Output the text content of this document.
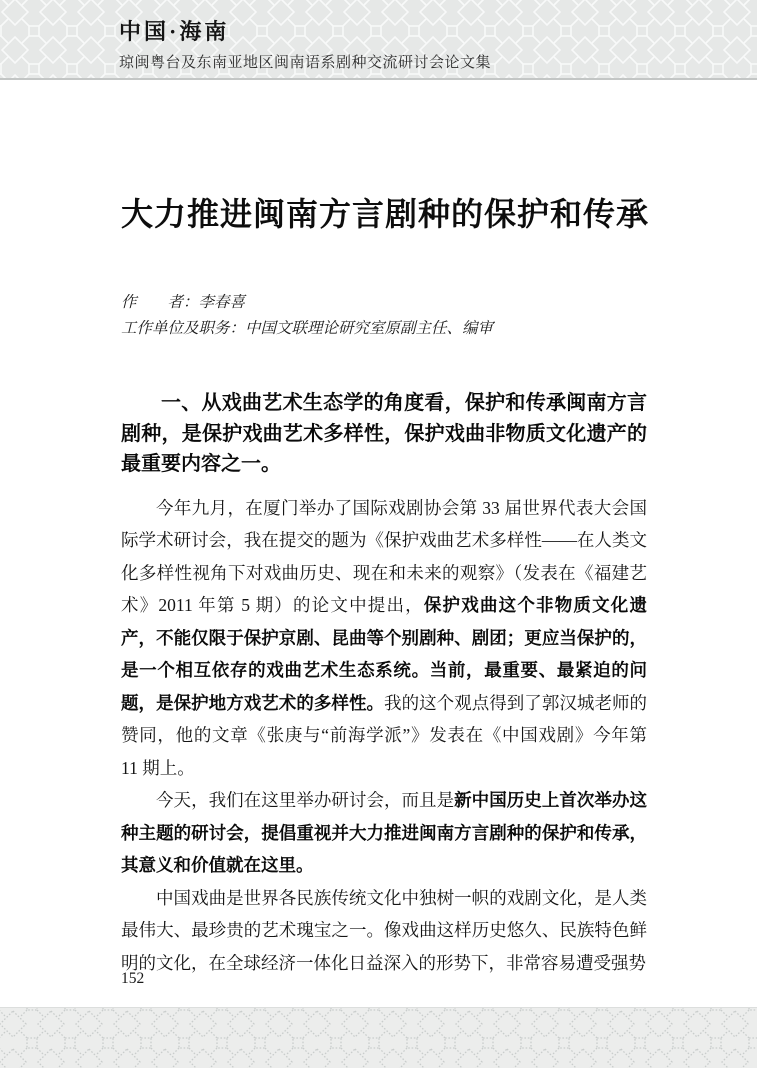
中国·海南
琼闽粤台及东南亚地区闽南语系剧种交流研讨会论文集
大力推进闽南方言剧种的保护和传承

作　　者：李春喜

工作单位及职务：中国文联理论研究室原副主任、编审

一、从戏曲艺术生态学的角度看，保护和传承闽南方言剧种，是保护戏曲艺术多样性，保护戏曲非物质文化遗产的最重要内容之一。

今年九月，在厦门举办了国际戏剧协会第 33 届世界代表大会国际学术研讨会，我在提交的题为《保护戏曲艺术多样性——在人类文化多样性视角下对戏曲历史、现在和未来的观察》（发表在《福建艺术》2011 年第 5 期）的论文中提出，保护戏曲这个非物质文化遗产，不能仅限于保护京剧、昆曲等个别剧种、剧团；更应当保护的，是一个相互依存的戏曲艺术生态系统。当前，最重要、最紧迫的问题，是保护地方戏艺术的多样性。我的这个观点得到了郭汉城老师的赞同，他的文章《张庚与“前海学派”》发表在《中国戏剧》今年第 11 期上。

今天，我们在这里举办研讨会，而且是新中国历史上首次举办这种主题的研讨会，提倡重视并大力推进闽南方言剧种的保护和传承，其意义和价值就在这里。

中国戏曲是世界各民族传统文化中独树一帜的戏剧文化，是人类最伟大、最珍贵的艺术瑰宝之一。像戏曲这样历史悠久、民族特色鲜明的文化，在全球经济一体化日益深入的形势下，非常容易遭受强势

152
